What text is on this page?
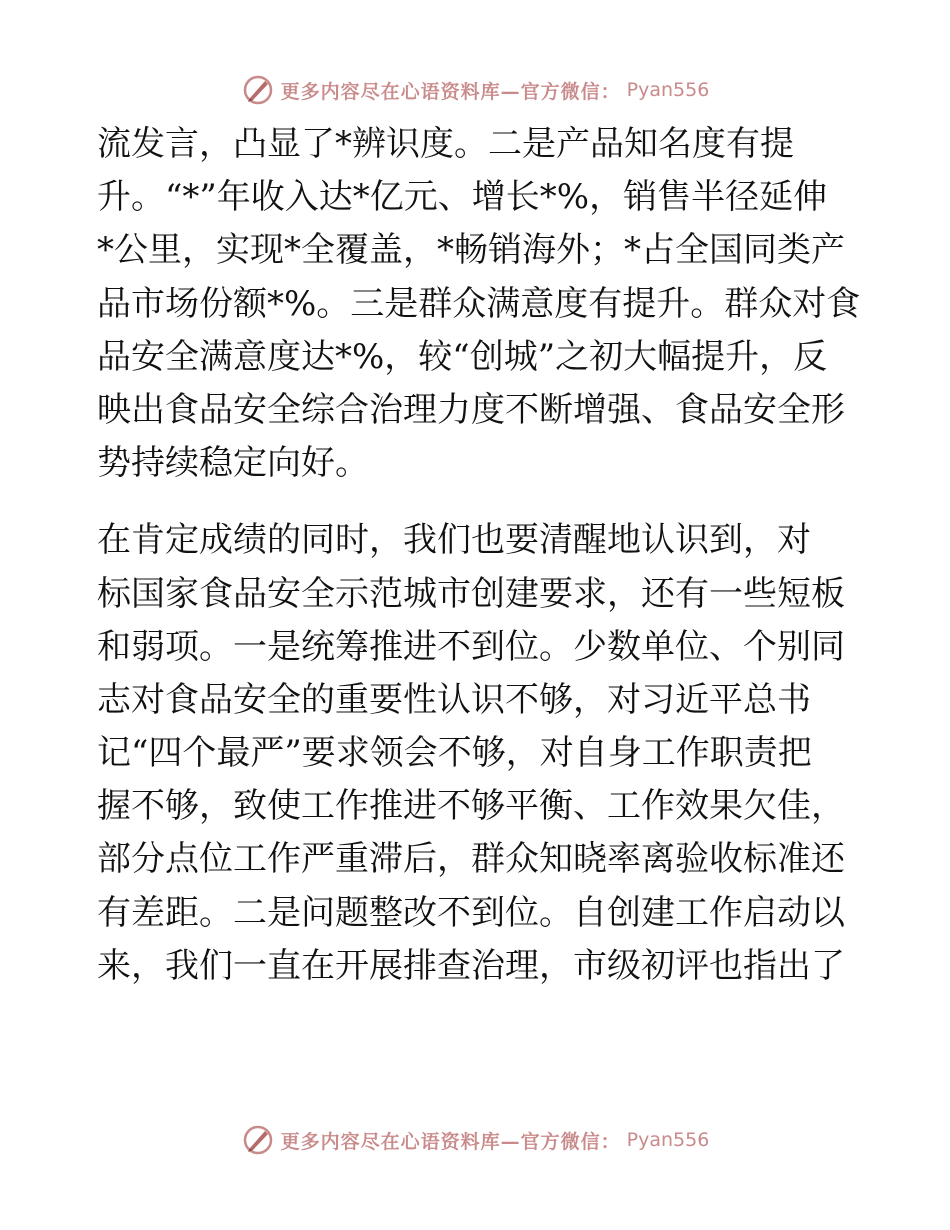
更多内容尽在心语资料库—官方微信： Pyan556
流发言，凸显了*辨识度。二是产品知名度有提
升。“*”年收入达*亿元、增长*%，销售半径延伸
*公里，实现*全覆盖，*畅销海外；*占全国同类产
品市场份额*%。三是群众满意度有提升。群众对食
品安全满意度达*%，较“创城”之初大幅提升，反
映出食品安全综合治理力度不断增强、食品安全形
势持续稳定向好。
在肯定成绩的同时，我们也要清醒地认识到，对
标国家食品安全示范城市创建要求，还有一些短板
和弱项。一是统筹推进不到位。少数单位、个别同
志对食品安全的重要性认识不够，对习近平总书
记“四个最严”要求领会不够，对自身工作职责把
握不够，致使工作推进不够平衡、工作效果欠佳，
部分点位工作严重滞后，群众知晓率离验收标准还
有差距。二是问题整改不到位。自创建工作启动以
来，我们一直在开展排查治理，市级初评也指出了
更多内容尽在心语资料库—官方微信： Pyan556
